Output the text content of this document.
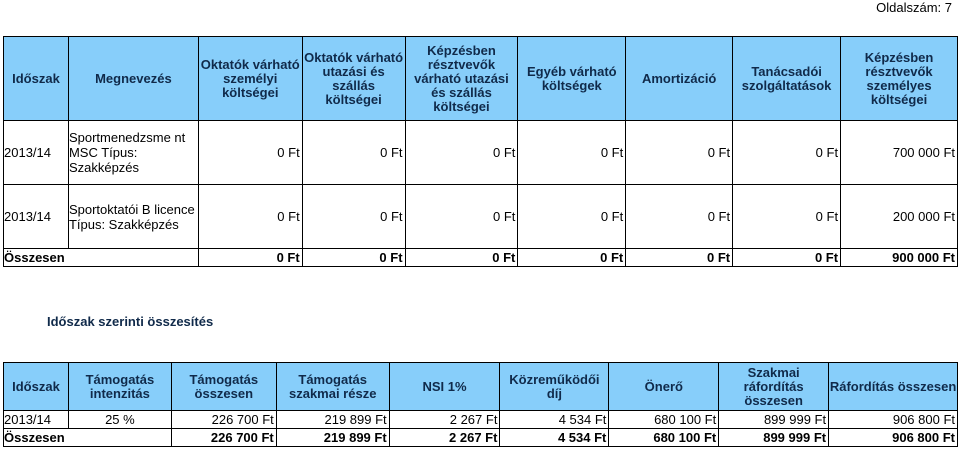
Oldalszám: 7
Időszak	Megnevezés	Oktatók várható személyi költségei	Oktatók várható utazási és szállás költségei	Képzésben résztvevők várható utazási és szállás költségei	Egyéb várható költségek	Amortizáció	Tanácsadói szolgáltatások	Képzésben résztvevők személyes költségei
2013/14	Sportmenedzsme nt MSC Típus: Szakképzés	0 Ft	0 Ft	0 Ft	0 Ft	0 Ft	0 Ft	700 000 Ft
2013/14	Sportoktatói B licence Típus: Szakképzés	0 Ft	0 Ft	0 Ft	0 Ft	0 Ft	0 Ft	200 000 Ft
Összesen		0 Ft	0 Ft	0 Ft	0 Ft	0 Ft	0 Ft	900 000 Ft
Időszak szerinti összesítés
Időszak	Támogatás intenzitás	Támogatás összesen	Támogatás szakmai része	NSI 1%	Közreműködői díj	Önerő	Szakmai ráfordítás összesen	Ráfordítás összesen
2013/14	25 %	226 700 Ft	219 899 Ft	2 267 Ft	4 534 Ft	680 100 Ft	899 999 Ft	906 800 Ft
Összesen		226 700 Ft	219 899 Ft	2 267 Ft	4 534 Ft	680 100 Ft	899 999 Ft	906 800 Ft
